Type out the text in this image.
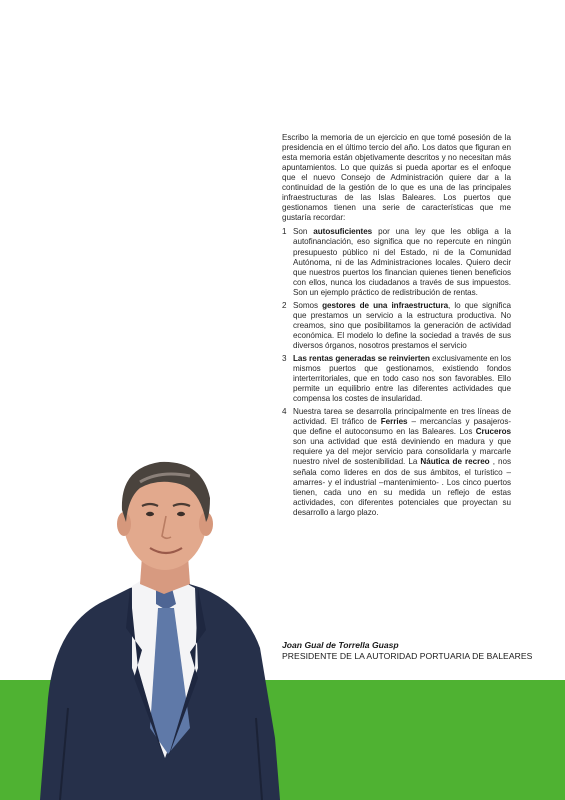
Escribo la memoria de un ejercicio en que tomé posesión de la presidencia en el último tercio del año. Los datos que figuran en esta memoria están objetivamente descritos y no necesitan más apuntamientos. Lo que quizás si pueda aportar es el enfoque que el nuevo Consejo de Administración quiere dar a la continuidad de la gestión de lo que es una de las principales infraestructuras de las Islas Baleares. Los puertos que gestionamos tienen una serie de características que me gustaría recordar:

1 Son autosuficientes por una ley que les obliga a la autofinanciación, eso significa que no repercute en ningún presupuesto público ni del Estado, ni de la Comunidad Autónoma, ni de las Administraciones locales. Quiero decir que nuestros puertos los financian quienes tienen beneficios con ellos, nunca los ciudadanos a través de sus impuestos. Son un ejemplo práctico de redistribución de rentas.
2 Somos gestores de una infraestructura, lo que significa que prestamos un servicio a la estructura productiva. No creamos, sino que posibilitamos la generación de actividad económica. El modelo lo define la sociedad a través de sus diversos órganos, nosotros prestamos el servicio
3 Las rentas generadas se reinvierten exclusivamente en los mismos puertos que gestionamos, existiendo fondos interterritoriales, que en todo caso nos son favorables. Ello permite un equilibrio entre las diferentes actividades que compensa los costes de insularidad.
4 Nuestra tarea se desarrolla principalmente en tres líneas de actividad. El tráfico de Ferries – mercancías y pasajeros- que define el autoconsumo en las Baleares. Los Cruceros son una actividad que está deviniendo en madura y que requiere ya del mejor servicio para consolidarla y marcarle nuestro nivel de sostenibilidad. La Náutica de recreo , nos señala como lideres en dos de sus ámbitos, el turístico –amarres- y el industrial –mantenimiento- . Los cinco puertos tienen, cada uno en su medida un reflejo de estas actividades, con diferentes potenciales que proyectan su desarrollo a largo plazo.
Joan Gual de Torrella Guasp
PRESIDENTE DE LA AUTORIDAD PORTUARIA DE BALEARES
